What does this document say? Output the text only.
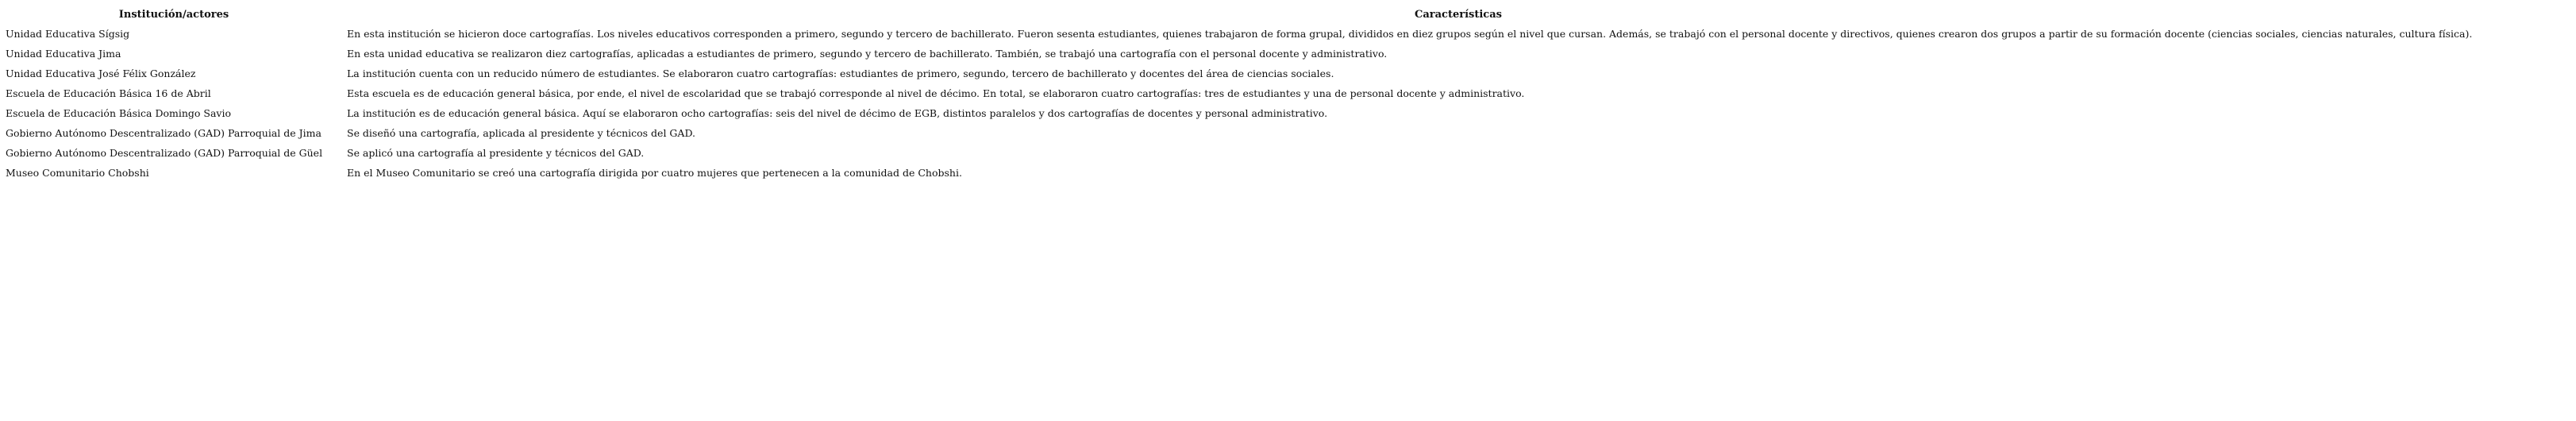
Institución/actores	Características
Unidad Educativa Sígsig	En esta institución se hicieron doce cartografías. Los niveles educativos corresponden a primero, segundo y tercero de bachillerato. Fueron sesenta estudiantes, quienes trabajaron de forma grupal, divididos en diez grupos según el nivel que cursan. Además, se trabajó con el personal docente y directivos, quienes crearon dos grupos a partir de su formación docente (ciencias sociales, ciencias naturales, cultura física).
Unidad Educativa Jima	En esta unidad educativa se realizaron diez cartografías, aplicadas a estudiantes de primero, segundo y tercero de bachillerato. También, se trabajó una cartografía con el personal docente y administrativo.
Unidad Educativa José Félix González	La institución cuenta con un reducido número de estudiantes. Se elaboraron cuatro cartografías: estudiantes de primero, segundo, tercero de bachillerato y docentes del área de ciencias sociales.
Escuela de Educación Básica 16 de Abril	Esta escuela es de educación general básica, por ende, el nivel de escolaridad que se trabajó corresponde al nivel de décimo. En total, se elaboraron cuatro cartografías: tres de estudiantes y una de personal docente y administrativo.
Escuela de Educación Básica Domingo Savio	La institución es de educación general básica. Aquí se elaboraron ocho cartografías: seis del nivel de décimo de EGB, distintos paralelos y dos cartografías de docentes y personal administrativo.
Gobierno Autónomo Descentralizado (GAD) Parroquial de Jima	Se diseñó una cartografía, aplicada al presidente y técnicos del GAD.
Gobierno Autónomo Descentralizado (GAD) Parroquial de Güel	Se aplicó una cartografía al presidente y técnicos del GAD.
Museo Comunitario Chobshi	En el Museo Comunitario se creó una cartografía dirigida por cuatro mujeres que pertenecen a la comunidad de Chobshi.
